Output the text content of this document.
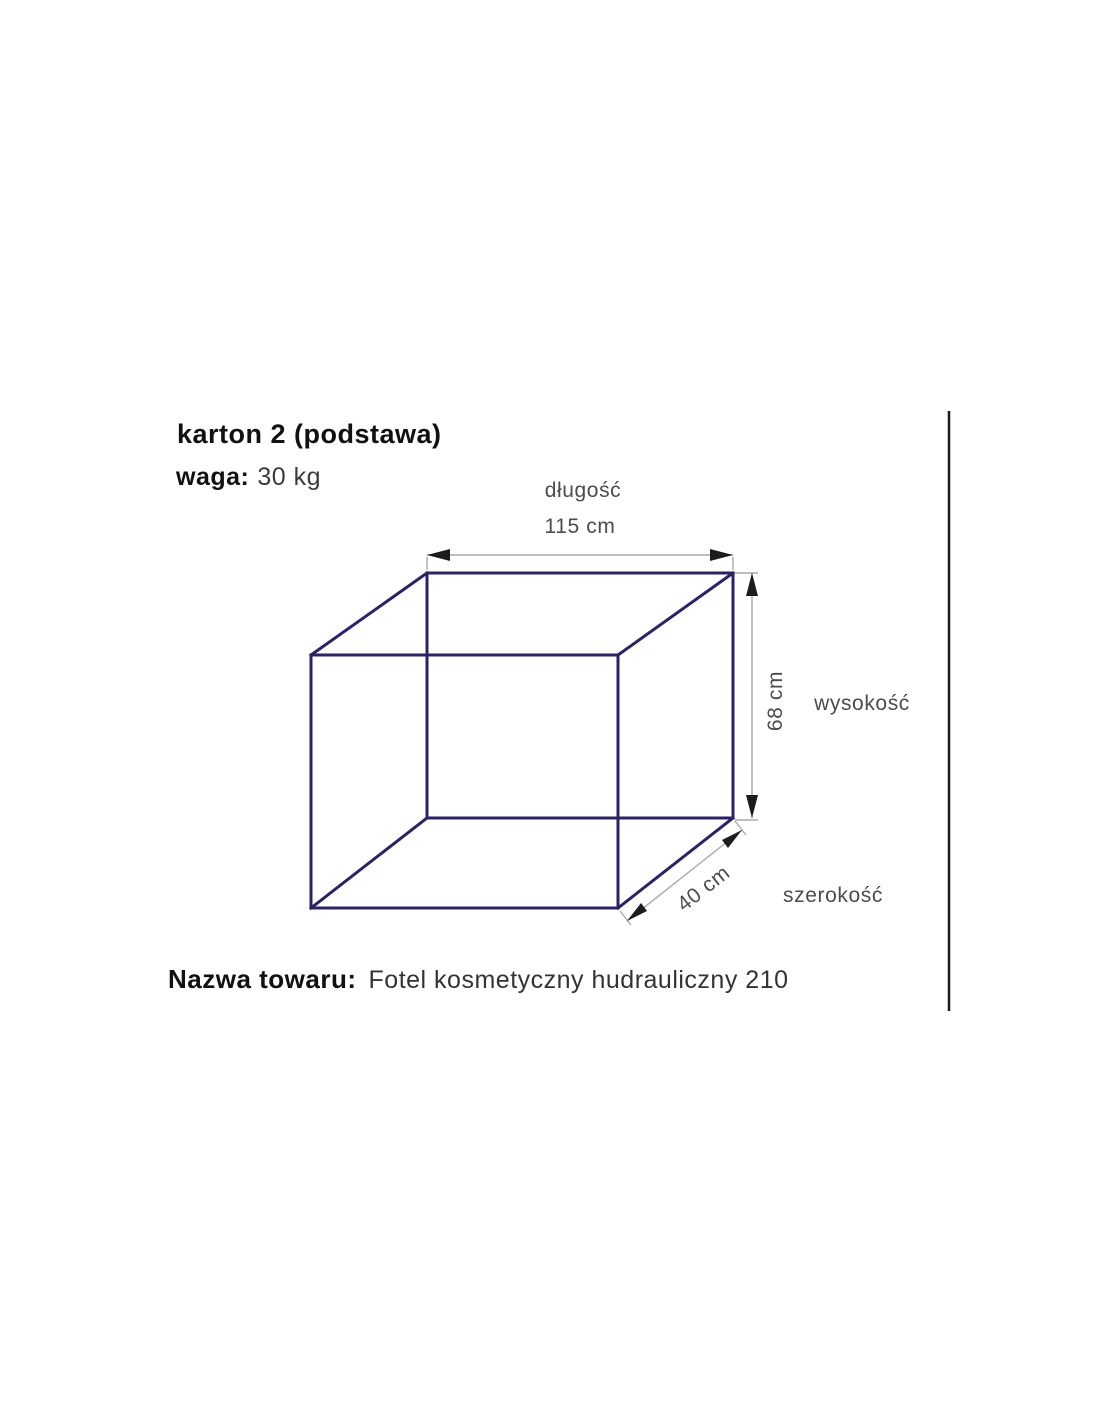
karton 2 (podstawa)
waga: 30 kg	długość
115 cm
68 cm wysokość
40 cm szerokość
Nazwa towaru: Fotel kosmetyczny hudrauliczny 210
